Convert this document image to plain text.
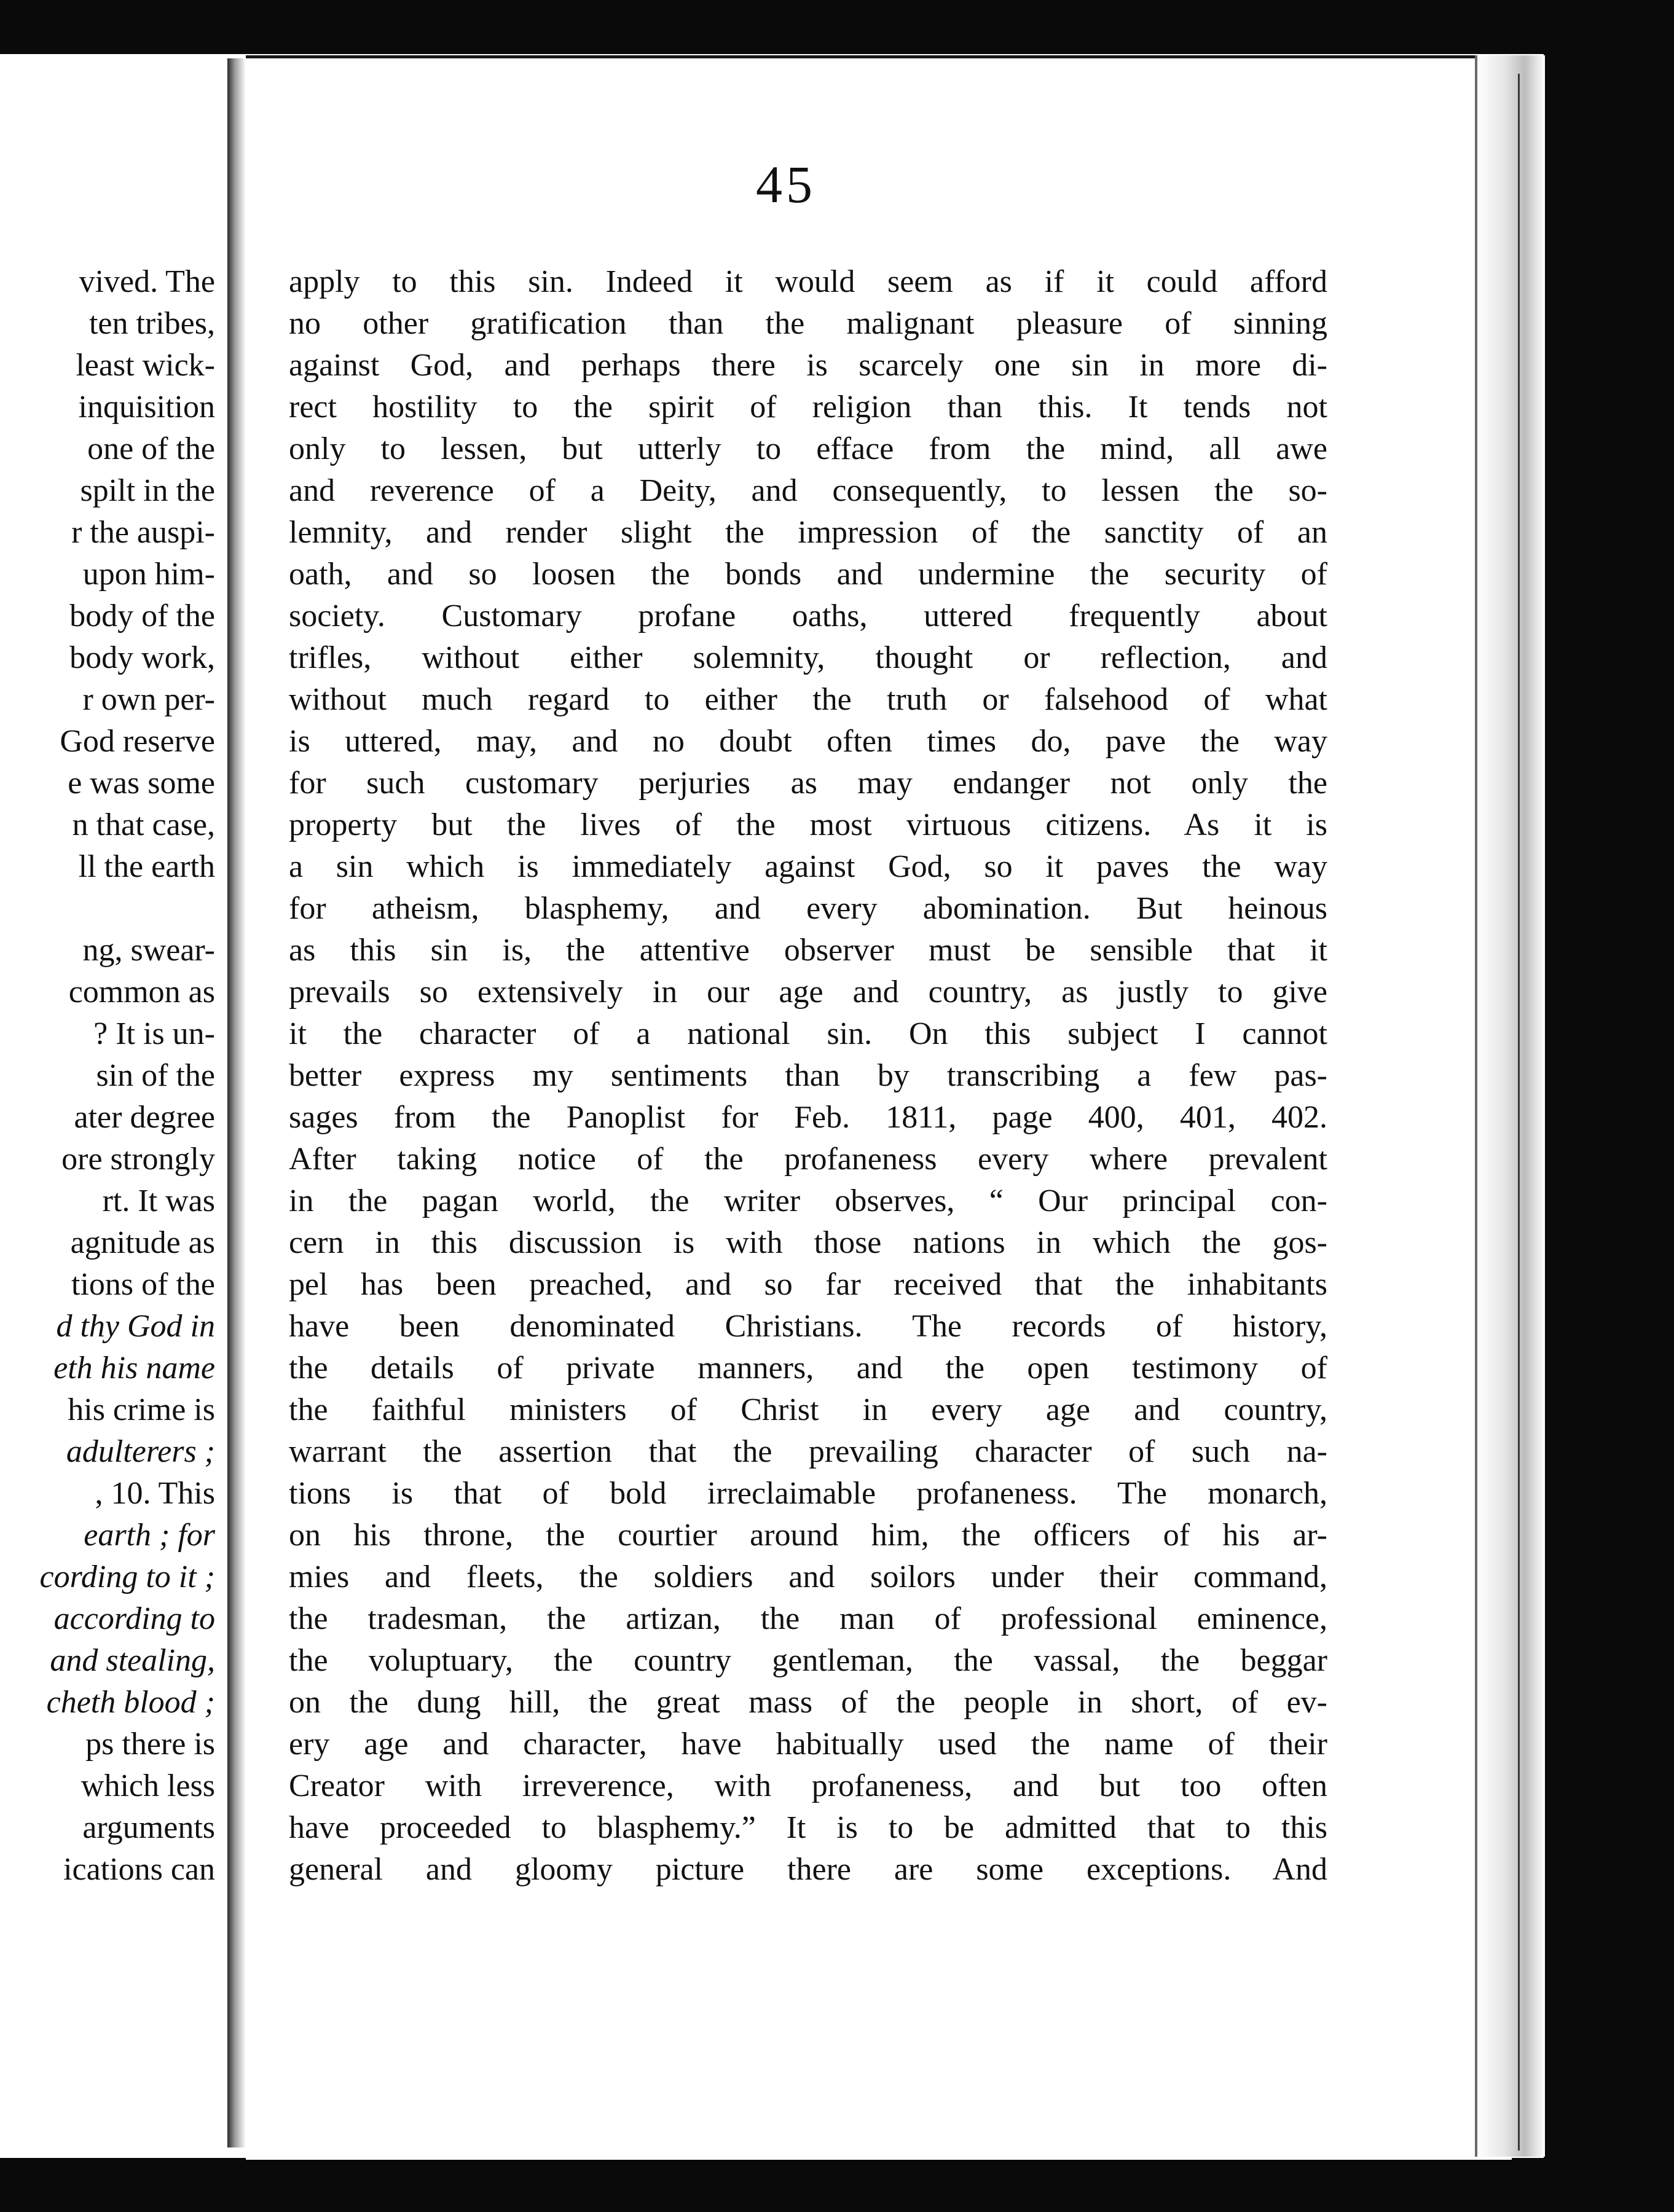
vived. The
ten tribes,
least wick-
inquisition
one of the
spilt in the
r the auspi-
upon him-
body of the
body work,
r own per-
God reserve
e was some
n that case,
ll the earth
ng, swear-
common as
? It is un-
sin of the
ater degree
ore strongly
rt. It was
agnitude as
tions of the
d thy God in
eth his name
his crime is
adulterers ;
, 10. This
earth ; for
cording to it ;
according to
and stealing,
cheth blood ;
ps there is
which less
arguments
ications can
45
apply to this sin. Indeed it would seem as if it could afford
no other gratification than the malignant pleasure of sinning
against God, and perhaps there is scarcely one sin in more di-
rect hostility to the spirit of religion than this. It tends not
only to lessen, but utterly to efface from the mind, all awe
and reverence of a Deity, and consequently, to lessen the so-
lemnity, and render slight the impression of the sanctity of an
oath, and so loosen the bonds and undermine the security of
society. Customary profane oaths, uttered frequently about
trifles, without either solemnity, thought or reflection, and
without much regard to either the truth or falsehood of what
is uttered, may, and no doubt often times do, pave the way
for such customary perjuries as may endanger not only the
property but the lives of the most virtuous citizens. As it is
a sin which is immediately against God, so it paves the way
for atheism, blasphemy, and every abomination. But heinous
as this sin is, the attentive observer must be sensible that it
prevails so extensively in our age and country, as justly to give
it the character of a national sin. On this subject I cannot
better express my sentiments than by transcribing a few pas-
sages from the Panoplist for Feb. 1811, page 400, 401, 402.
After taking notice of the profaneness every where prevalent
in the pagan world, the writer observes, “ Our principal con-
cern in this discussion is with those nations in which the gos-
pel has been preached, and so far received that the inhabitants
have been denominated Christians. The records of history,
the details of private manners, and the open testimony of
the faithful ministers of Christ in every age and country,
warrant the assertion that the prevailing character of such na-
tions is that of bold irreclaimable profaneness. The monarch,
on his throne, the courtier around him, the officers of his ar-
mies and fleets, the soldiers and soilors under their command,
the tradesman, the artizan, the man of professional eminence,
the voluptuary, the country gentleman, the vassal, the beggar
on the dung hill, the great mass of the people in short, of ev-
ery age and character, have habitually used the name of their
Creator with irreverence, with profaneness, and but too often
have proceeded to blasphemy.” It is to be admitted that to this
general and gloomy picture there are some exceptions. And
